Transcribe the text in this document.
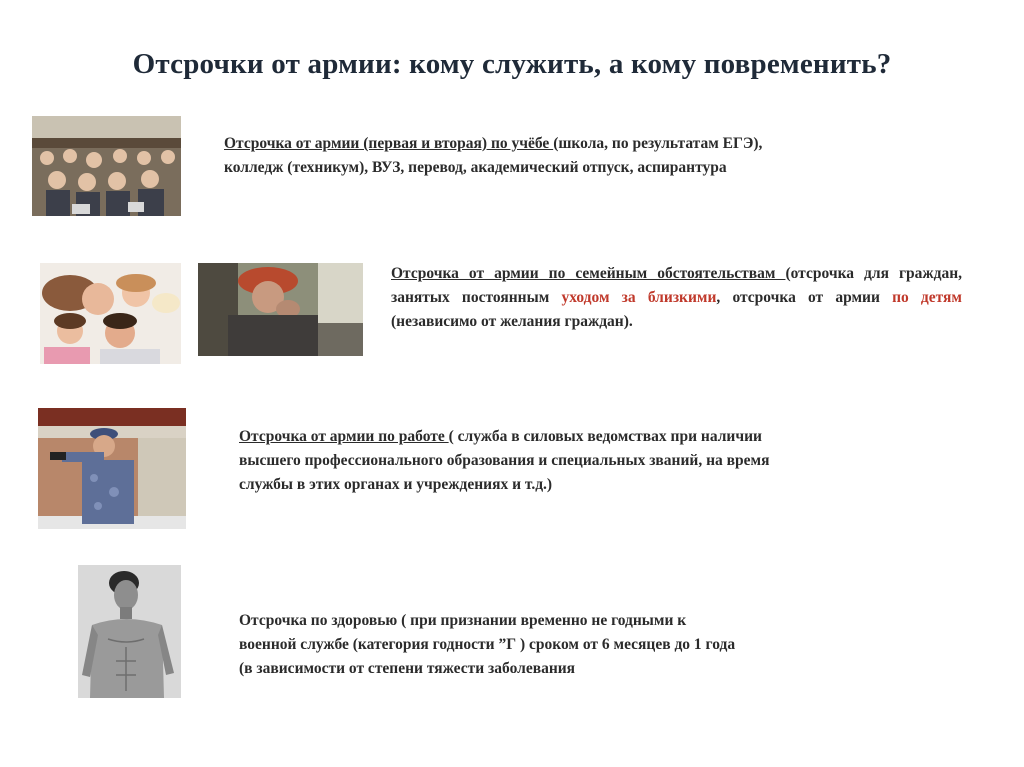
Отсрочки от армии: кому служить, а кому повременить?
Отсрочка от армии (первая и вторая) по учёбе (школа, по результатам ЕГЭ),
колледж (техникум), ВУЗ, перевод, академический отпуск, аспирантура
Отсрочка от армии по семейным обстоятельствам (отсрочка для граждан, занятых постоянным уходом за близкими, отсрочка от армии по детям (независимо от желания граждан).
Отсрочка от армии по работе ( служба в силовых ведомствах при наличии
высшего профессионального образования и специальных званий, на время
службы в этих органах и учреждениях и т.д.)
Отсрочка по здоровью ( при признании временно не годными к
военной службе (категория годности ”Г ) сроком от 6 месяцев до 1 года
(в зависимости от степени тяжести заболевания
